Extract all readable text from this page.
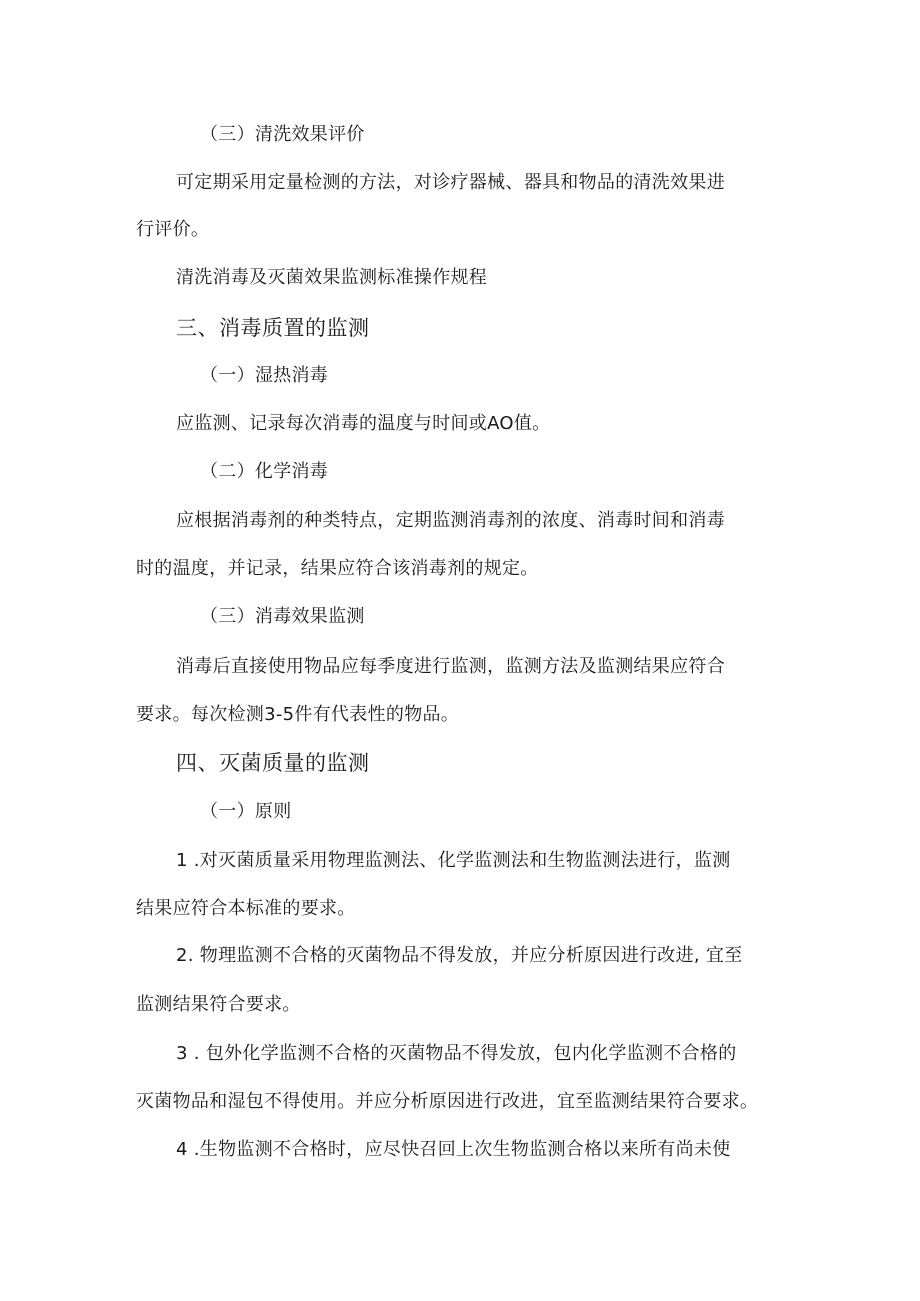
（三）清洗效果评价
可定期采用定量检测的方法，对诊疗器械、器具和物品的清洗效果进
行评价。
清洗消毒及灭菌效果监测标准操作规程
三、消毒质置的监测
（一）湿热消毒
应监测、记录每次消毒的温度与时间或AO值。
（二）化学消毒
应根据消毒剂的种类特点，定期监测消毒剂的浓度、消毒时间和消毒
时的温度，并记录，结果应符合该消毒剂的规定。
（三）消毒效果监测
消毒后直接使用物品应每季度进行监测，监测方法及监测结果应符合
要求。每次检测3-5件有代表性的物品。
四、灭菌质量的监测
（一）原则
1 .对灭菌质量采用物理监测法、化学监测法和生物监测法进行，监测
结果应符合本标准的要求。
2. 物理监测不合格的灭菌物品不得发放，并应分析原因进行改进, 宜至
监测结果符合要求。
3 . 包外化学监测不合格的灭菌物品不得发放，包内化学监测不合格的
灭菌物品和湿包不得使用。并应分析原因进行改进，宜至监测结果符合要求。
4 .生物监测不合格时，应尽快召回上次生物监测合格以来所有尚未使
